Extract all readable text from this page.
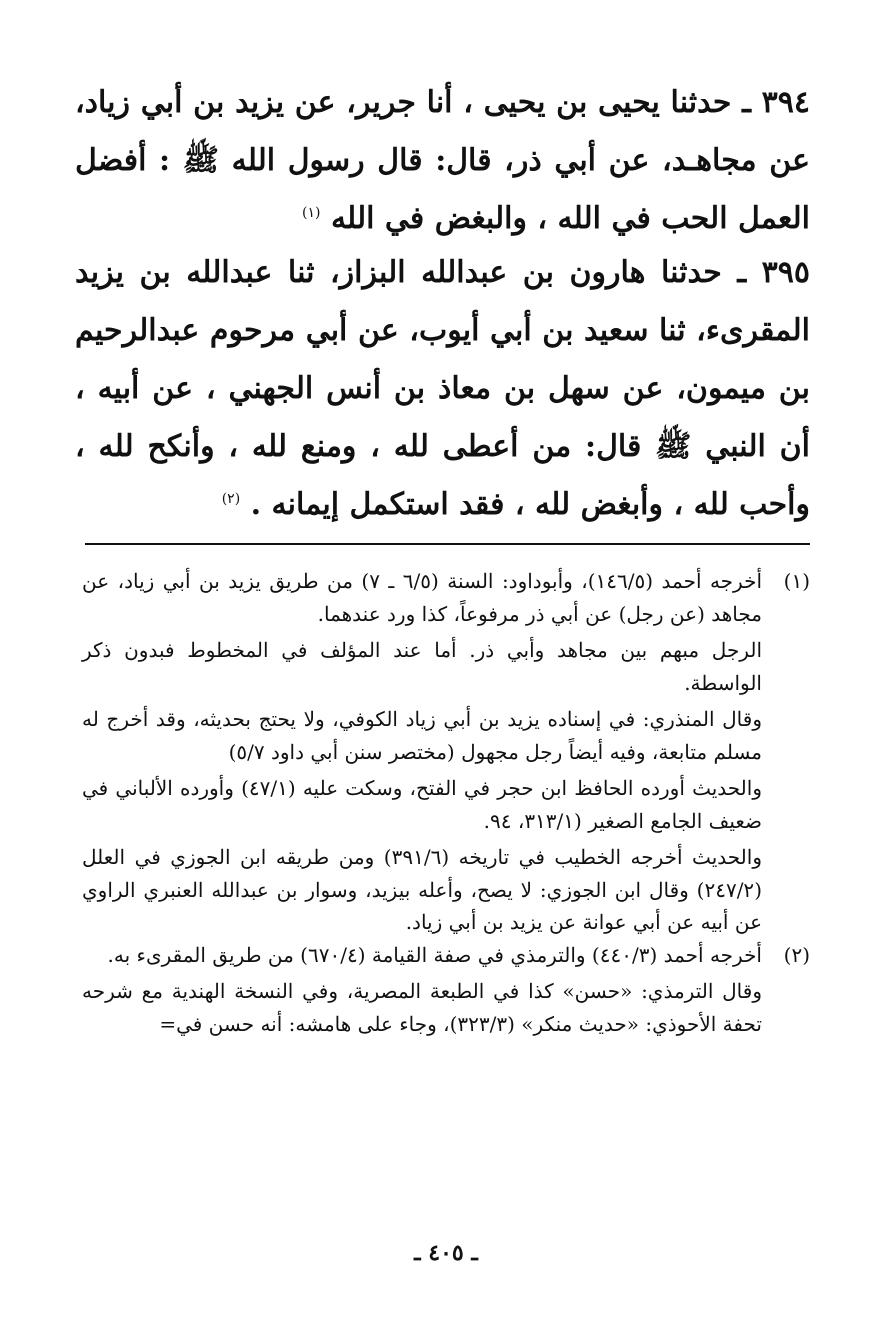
٣٩٤ ـ حدثنا يحيى بن يحيى ، أنا جرير، عن يزيد بن أبي زياد، عن مجاهـد، عن أبي ذر، قال: قال رسول الله ﷺ : أفضل العمل الحب في الله ، والبغض في الله $^{(١)}$

٣٩٥ ـ حدثنا هارون بن عبدالله البزاز، ثنا عبدالله بن يزيد المقرىء، ثنا سعيد بن أبي أيوب، عن أبي مرحوم عبدالرحيم بن ميمون، عن سهل بن معاذ بن أنس الجهني ، عن أبيه ، أن النبي ﷺ قال: من أعطى لله ، ومنع لله ، وأنكح لله ، وأحب لله ، وأبغض لله ، فقد استكمل إيمانه . $^{(٢)}$

(١)

أخرجه أحمد (١٤٦/٥)، وأبوداود: السنة (٦/٥ ـ ٧) من طريق يزيد بن أبي زياد، عن مجاهد (عن رجل) عن أبي ذر مرفوعاً، كذا ورد عندهما.

الرجل مبهم بين مجاهد وأبي ذر. أما عند المؤلف في المخطوط فبدون ذكر الواسطة.

وقال المنذري: في إسناده يزيد بن أبي زياد الكوفي، ولا يحتج بحديثه، وقد أخرج له مسلم متابعة، وفيه أيضاً رجل مجهول (مختصر سنن أبي داود ٥/٧)

والحديث أورده الحافظ ابن حجر في الفتح، وسكت عليه (٤٧/١) وأورده الألباني في ضعيف الجامع الصغير (٣١٣/١، ٩٤.

والحديث أخرجه الخطيب في تاريخه (٣٩١/٦) ومن طريقه ابن الجوزي في العلل (٢٤٧/٢) وقال ابن الجوزي: لا يصح، وأعله بيزيد، وسوار بن عبدالله العنبري الراوي عن أبيه عن أبي عوانة عن يزيد بن أبي زياد.

(٢)

أخرجه أحمد (٤٤٠/٣) والترمذي في صفة القيامة (٦٧٠/٤) من طريق المقرىء به.

وقال الترمذي: «حسن» كذا في الطبعة المصرية، وفي النسخة الهندية مع شرحه تحفة الأحوذي: «حديث منكر» (٣٢٣/٣)، وجاء على هامشه: أنه حسن في=

ـ ٤٠٥ ـ
